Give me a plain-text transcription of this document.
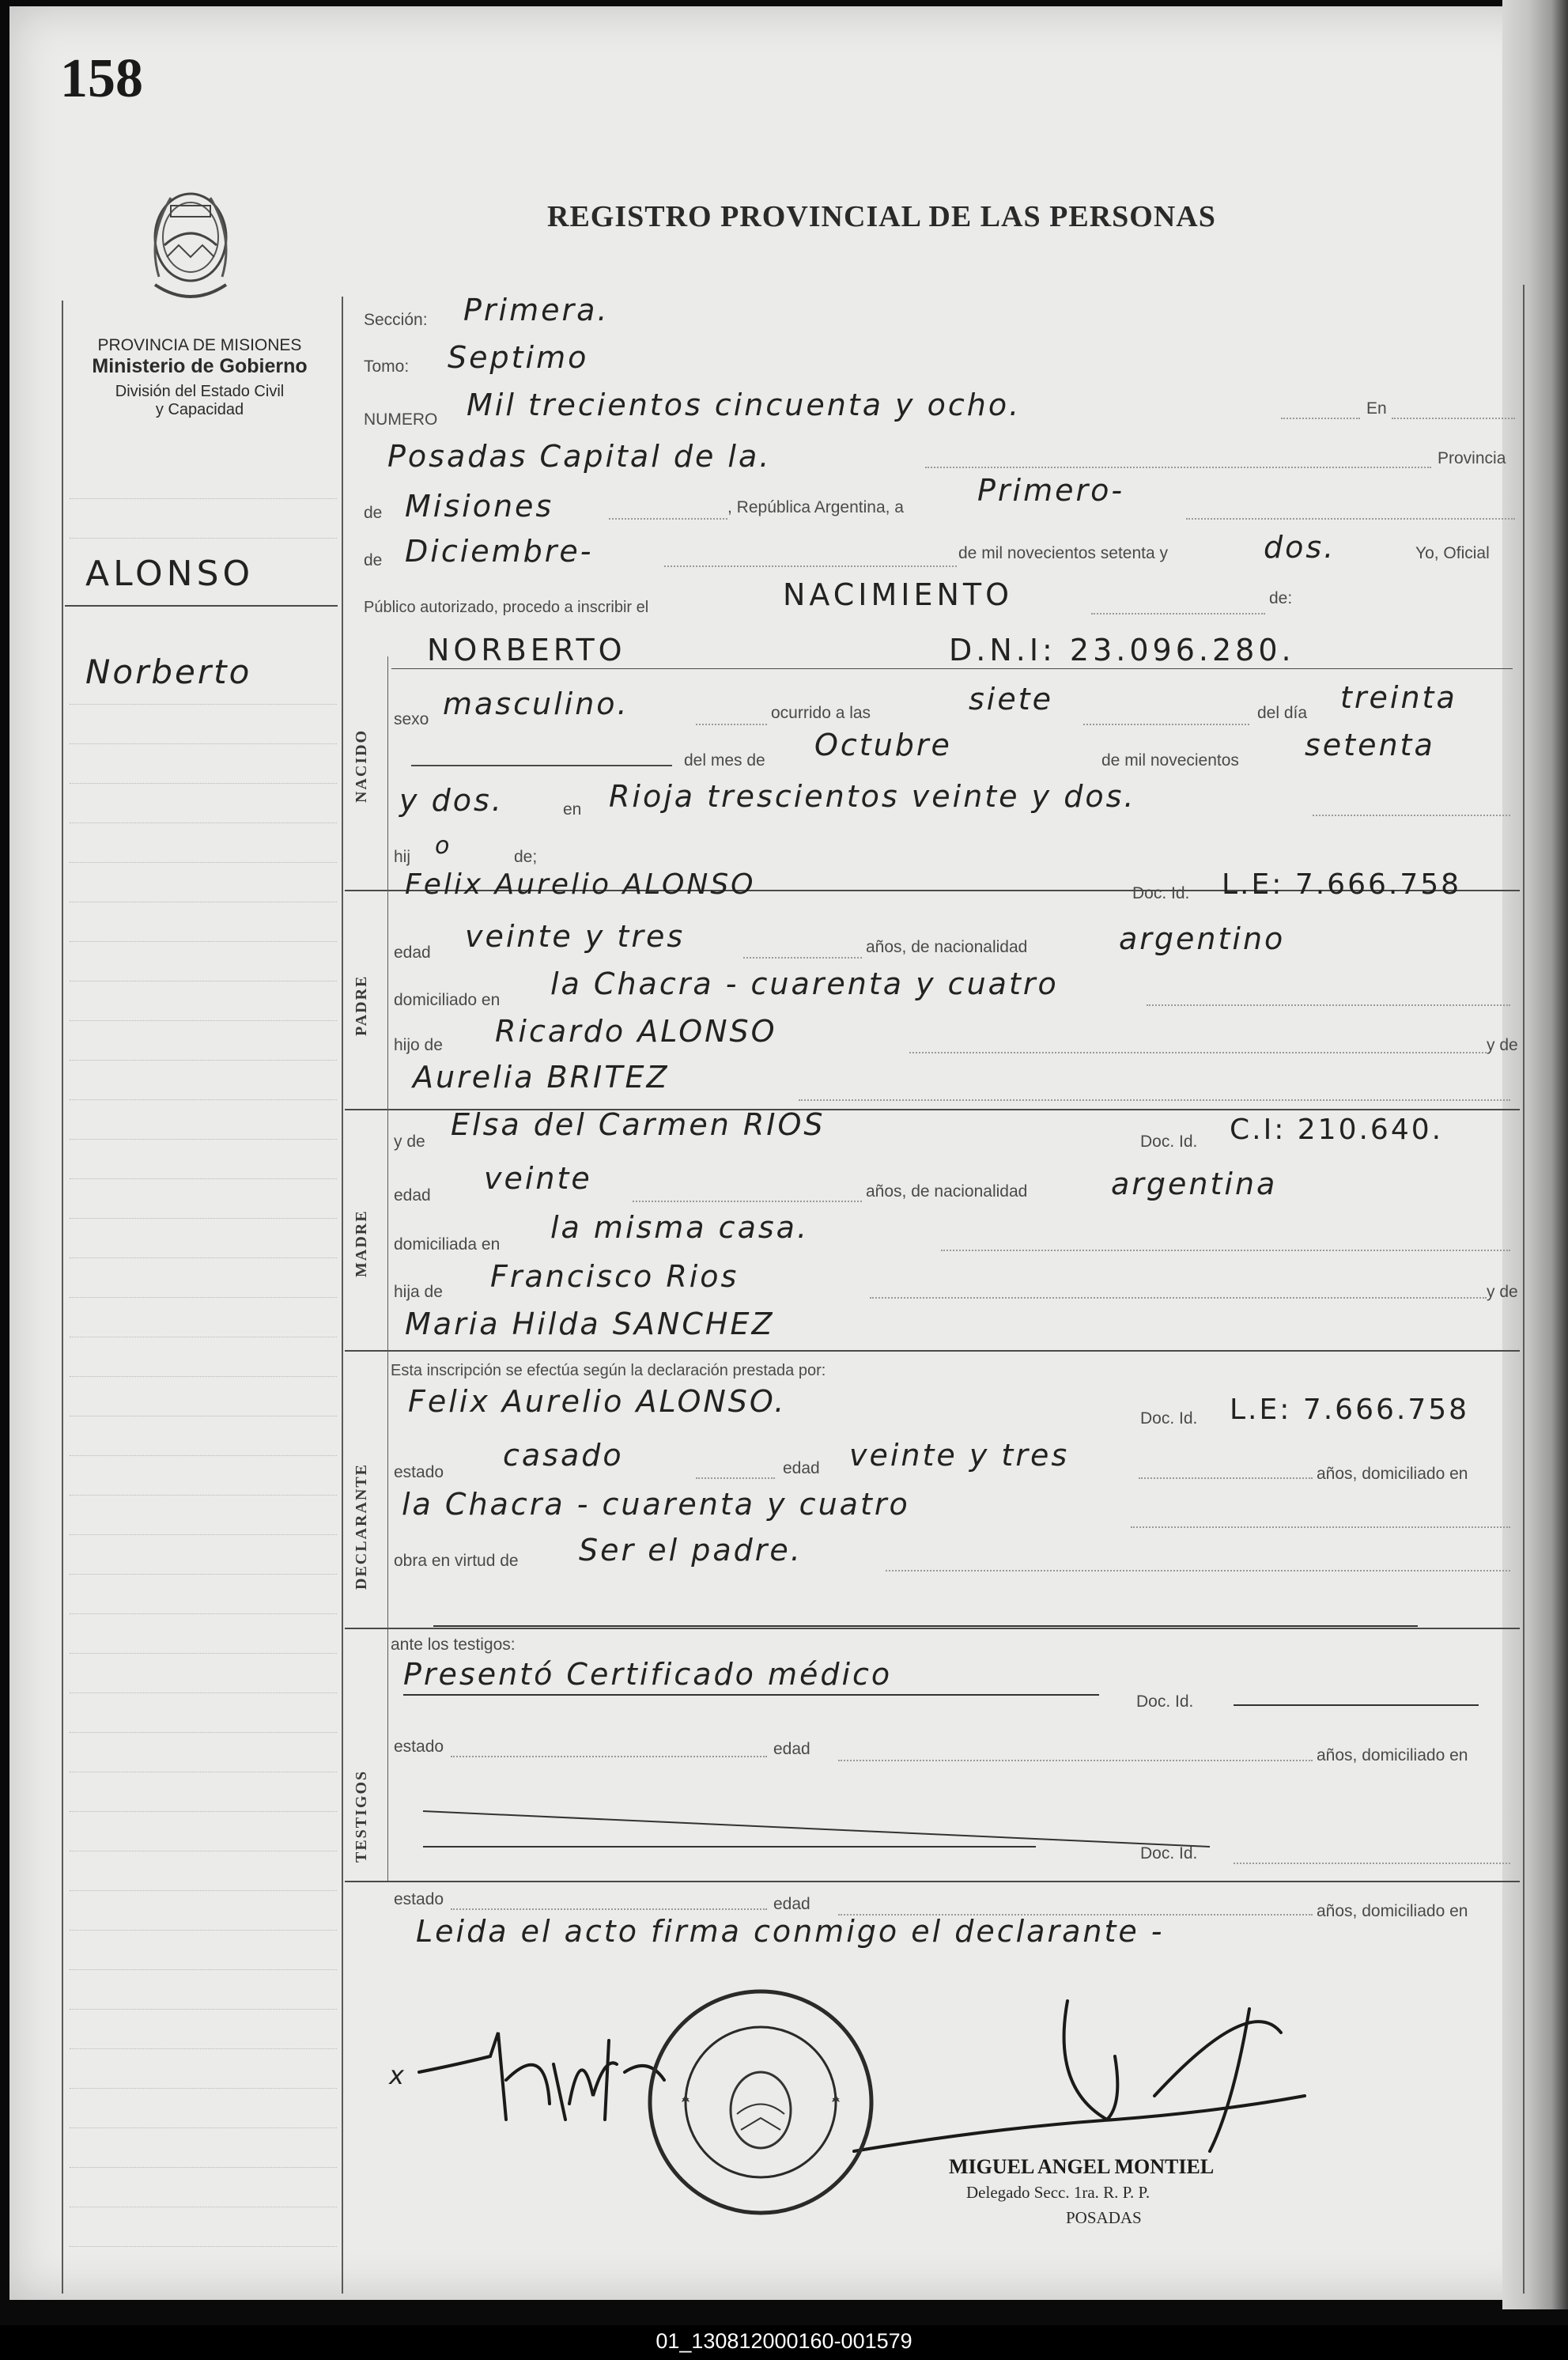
158
REGISTRO PROVINCIAL DE LAS PERSONAS
PROVINCIA DE MISIONES
Ministerio de Gobierno
División del Estado Civil
y Capacidad
ALONSO
Norberto
NACIDO
PADRE
MADRE
DECLARANTE
TESTIGOS
Sección: Primera.
Tomo: Septimo
NUMERO Mil trecientos cincuenta y ocho.	En
Posadas Capital de la.	Provincia
de Misiones	, República Argentina, a Primero-
de Diciembre-	de mil novecientos setenta y	dos.	Yo, Oficial
Público autorizado, procedo a inscribir el	NACIMIENTO	de:
NORBERTO	D.N.I: 23.096.280.
sexo masculino.	ocurrido a las	siete	del día treinta
del mes de Octubre	de mil novecientos setenta
y dos.	en Rioja trescientos veinte y dos.
hij o	de;
Felix Aurelio ALONSO	Doc. Id. L.E: 7.666.758
edad veinte y tres	años, de nacionalidad	argentino
domiciliado en la Chacra - cuarenta y cuatro
hijo de Ricardo ALONSO	y de
Aurelia BRITEZ
y de Elsa del Carmen RIOS	Doc. Id. C.I: 210.640.
edad veinte	años, de nacionalidad	argentina
domiciliada en la misma casa.
hija de Francisco Rios	y de
Maria Hilda SANCHEZ
Esta inscripción se efectúa según la declaración prestada por:
Felix Aurelio ALONSO.	Doc. Id. L.E: 7.666.758
estado casado	edad veinte y tres
años, domiciliado en
la Chacra - cuarenta y cuatro
obra en virtud de Ser el padre.
ante los testigos:
Presentó Certificado médico
Doc. Id.
estado	edad	años, domiciliado en
Doc. Id.
estado	edad	años, domiciliado en
Leida el acto firma conmigo el declarante -
x
MIGUEL ANGEL MONTIEL
Delegado Secc. 1ra. R. P. P.
POSADAS
01_130812000160-001579
